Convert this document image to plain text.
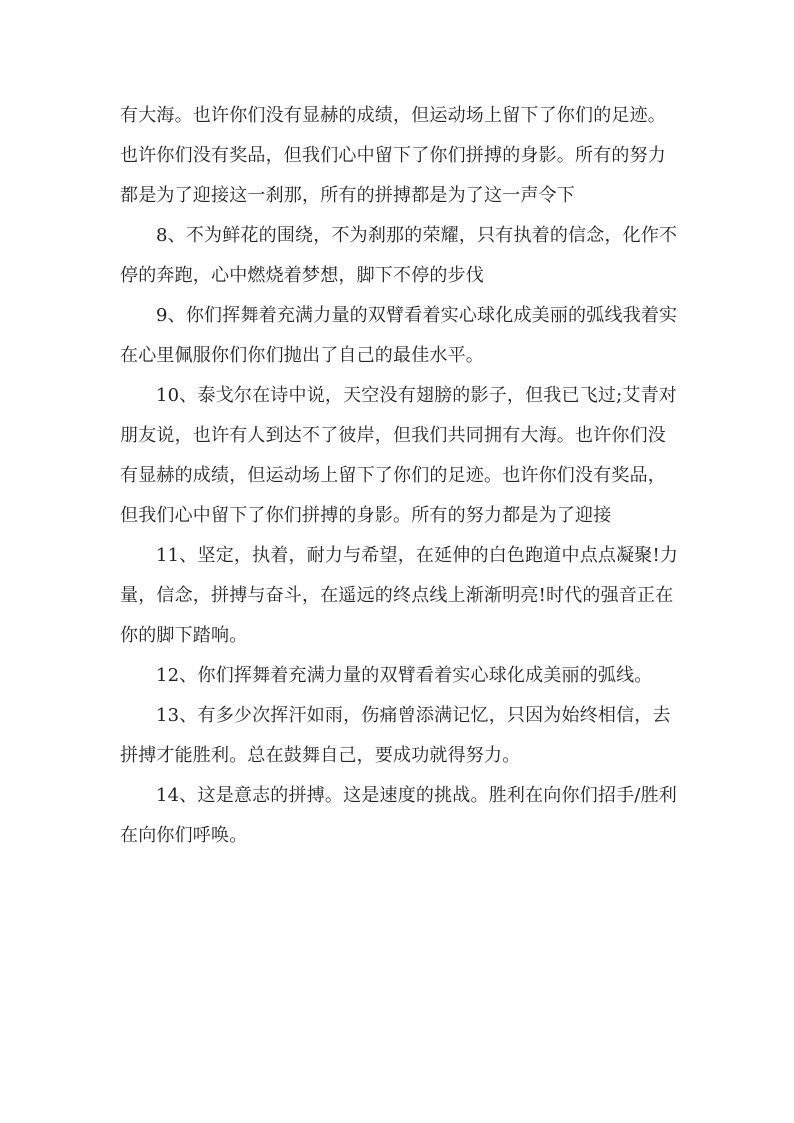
有大海。也许你们没有显赫的成绩，但运动场上留下了你们的足迹。也许你们没有奖品，但我们心中留下了你们拼搏的身影。所有的努力都是为了迎接这一刹那，所有的拼搏都是为了这一声令下

8、不为鲜花的围绕，不为刹那的荣耀，只有执着的信念，化作不停的奔跑，心中燃烧着梦想，脚下不停的步伐

9、你们挥舞着充满力量的双臂看着实心球化成美丽的弧线我着实在心里佩服你们你们抛出了自己的最佳水平。

10、泰戈尔在诗中说，天空没有翅膀的影子，但我已飞过;艾青对朋友说，也许有人到达不了彼岸，但我们共同拥有大海。也许你们没有显赫的成绩，但运动场上留下了你们的足迹。也许你们没有奖品，但我们心中留下了你们拼搏的身影。所有的努力都是为了迎接

11、坚定，执着，耐力与希望，在延伸的白色跑道中点点凝聚!力量，信念，拼搏与奋斗，在遥远的终点线上渐渐明亮!时代的强音正在你的脚下踏响。

12、你们挥舞着充满力量的双臂看着实心球化成美丽的弧线。

13、有多少次挥汗如雨，伤痛曾添满记忆，只因为始终相信，去拼搏才能胜利。总在鼓舞自己，要成功就得努力。

14、这是意志的拼搏。这是速度的挑战。胜利在向你们招手/胜利在向你们呼唤。
